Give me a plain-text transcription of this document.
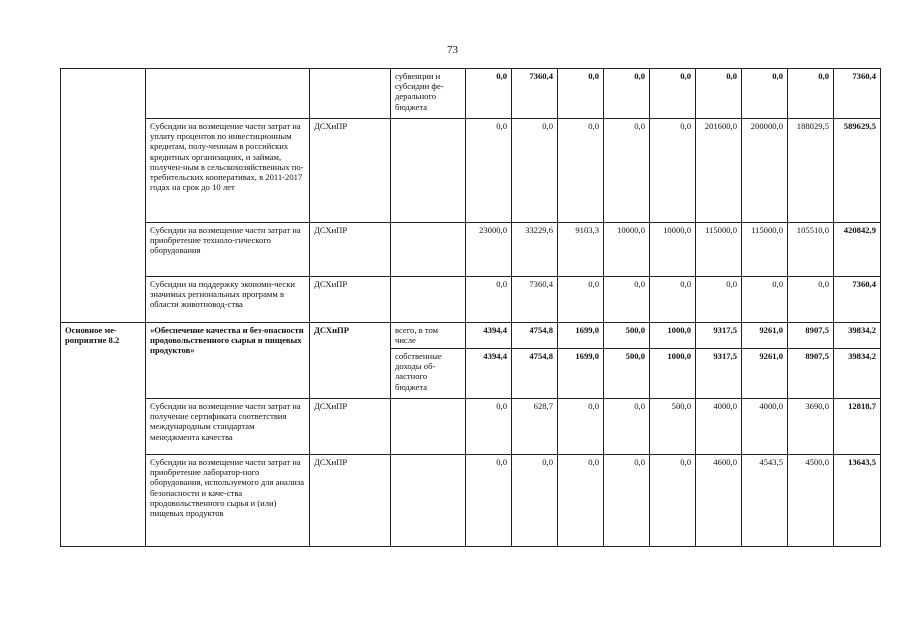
73
			субвенции и субсидии фе-дерального бюджета	0,0	7360,4	0,0	0,0	0,0	0,0	0,0	0,0	7360,4
	Субсидии на возмещение части затрат на уплату процентов по инвестиционным кредитам, полу-ченным в российских кредитных организациях, и займам, получен-ным в сельскохозяйственных по-требительских кооперативах, в 2011-2017 годах на срок до 10 лет	ДСХиПР		0,0	0,0	0,0	0,0	0,0	201600,0	200000,0	188029,5	589629,5
	Субсидии на возмещение части затрат на приобретение техноло-гического оборудования	ДСХиПР		23000,0	33229,6	9103,3	10000,0	10000,0	115000,0	115000,0	105510,0	420842,9
	Субсидии на поддержку экономи-чески значимых региональных программ в области животновод-ства	ДСХиПР		0,0	7360,4	0,0	0,0	0,0	0,0	0,0	0,0	7360,4
Основное ме-роприятие 8.2	«Обеспечение качества и без-опасности продовольственного сырья и пищевых продуктов»	ДСХиПР	всего, в том числе	4394,4	4754,8	1699,0	500,0	1000,0	9317,5	9261,0	8907,5	39834,2
			собственные доходы об-ластного бюджета	4394,4	4754,8	1699,0	500,0	1000,0	9317,5	9261,0	8907,5	39834,2
	Субсидии на возмещение части затрат на получение сертификата соответствия международным стандартам менеджмента качества	ДСХиПР		0,0	628,7	0,0	0,0	500,0	4000,0	4000,0	3690,0	12818,7
	Субсидии на возмещение части затрат на приобретение лаборатор-ного оборудования, используемого для анализа безопасности и каче-ства продовольственного сырья и (или) пищевых продуктов	ДСХиПР		0,0	0,0	0,0	0,0	0,0	4600,0	4543,5	4500,0	13643,5
